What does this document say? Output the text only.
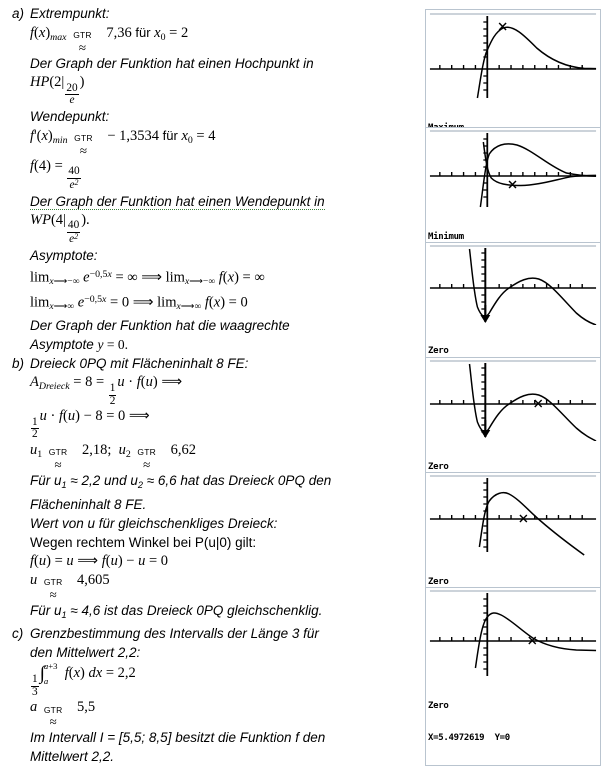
a) Extrempunkt:
$f(x)_{max}$ GTR
≈
7,36 für $x_0 = 2$
Der Graph der Funktion hat einen Hochpunkt in
HP(2|
$\frac{20}{e}$
)
Wendepunkt:
$f'(x)_{min}$ GTR
≈
− 1,3534 für $x_0 = 4$
f(4) =
$\frac{40}{e^2}$
Der Graph der Funktion hat einen Wendepunkt in
WP(4|
$\frac{40}{e^2}$
).
Asymptote:
limx⟶−∞ $e^{-0,5x}$ = ∞ ⟹ limx⟶−∞ f(x) = ∞
limx⟶∞ $e^{-0,5x} = 0$ ⟹ limx⟶∞ f(x) = 0
Der Graph der Funktion hat die waagrechte
Asymptote y = 0.
b) Dreieck 0PQ mit Flächeninhalt 8 FE:
$A_{Dreieck} = 8$ =
$\frac{1}{2}$
u · f(u) ⟹
$\frac{1}{2}$
u · f(u) − 8 = 0 ⟹
$u_1$ GTR
≈
2,18; $u_2$ GTR
≈
6,62
Für $u_1 \approx 2,2$ und $u_2 \approx 6,6$ hat das Dreieck 0PQ den
Flächeninhalt 8 FE.
Wert von u für gleichschenkliges Dreieck:
Wegen rechtem Winkel bei P(u|0) gilt:
f(u) = u ⟹ f(u) − u = 0
u GTR
≈
4,605
Für $u_1 \approx 4,6$ ist das Dreieck 0PQ gleichschenklig.
c) Grenzbestimmung des Intervalls der Länge 3 für
den Mittelwert 2,2:
$\frac{1}{3}$
∫ a+3
a f(x) dx = 2,2
a GTR
≈
5,5
Im Intervall I = [5,5; 8,5] besitzt die Funktion f den
Mittelwert 2,2.

Minimum

Zero

Zero

Zero

Zero

X=5.4972619 Y=0
